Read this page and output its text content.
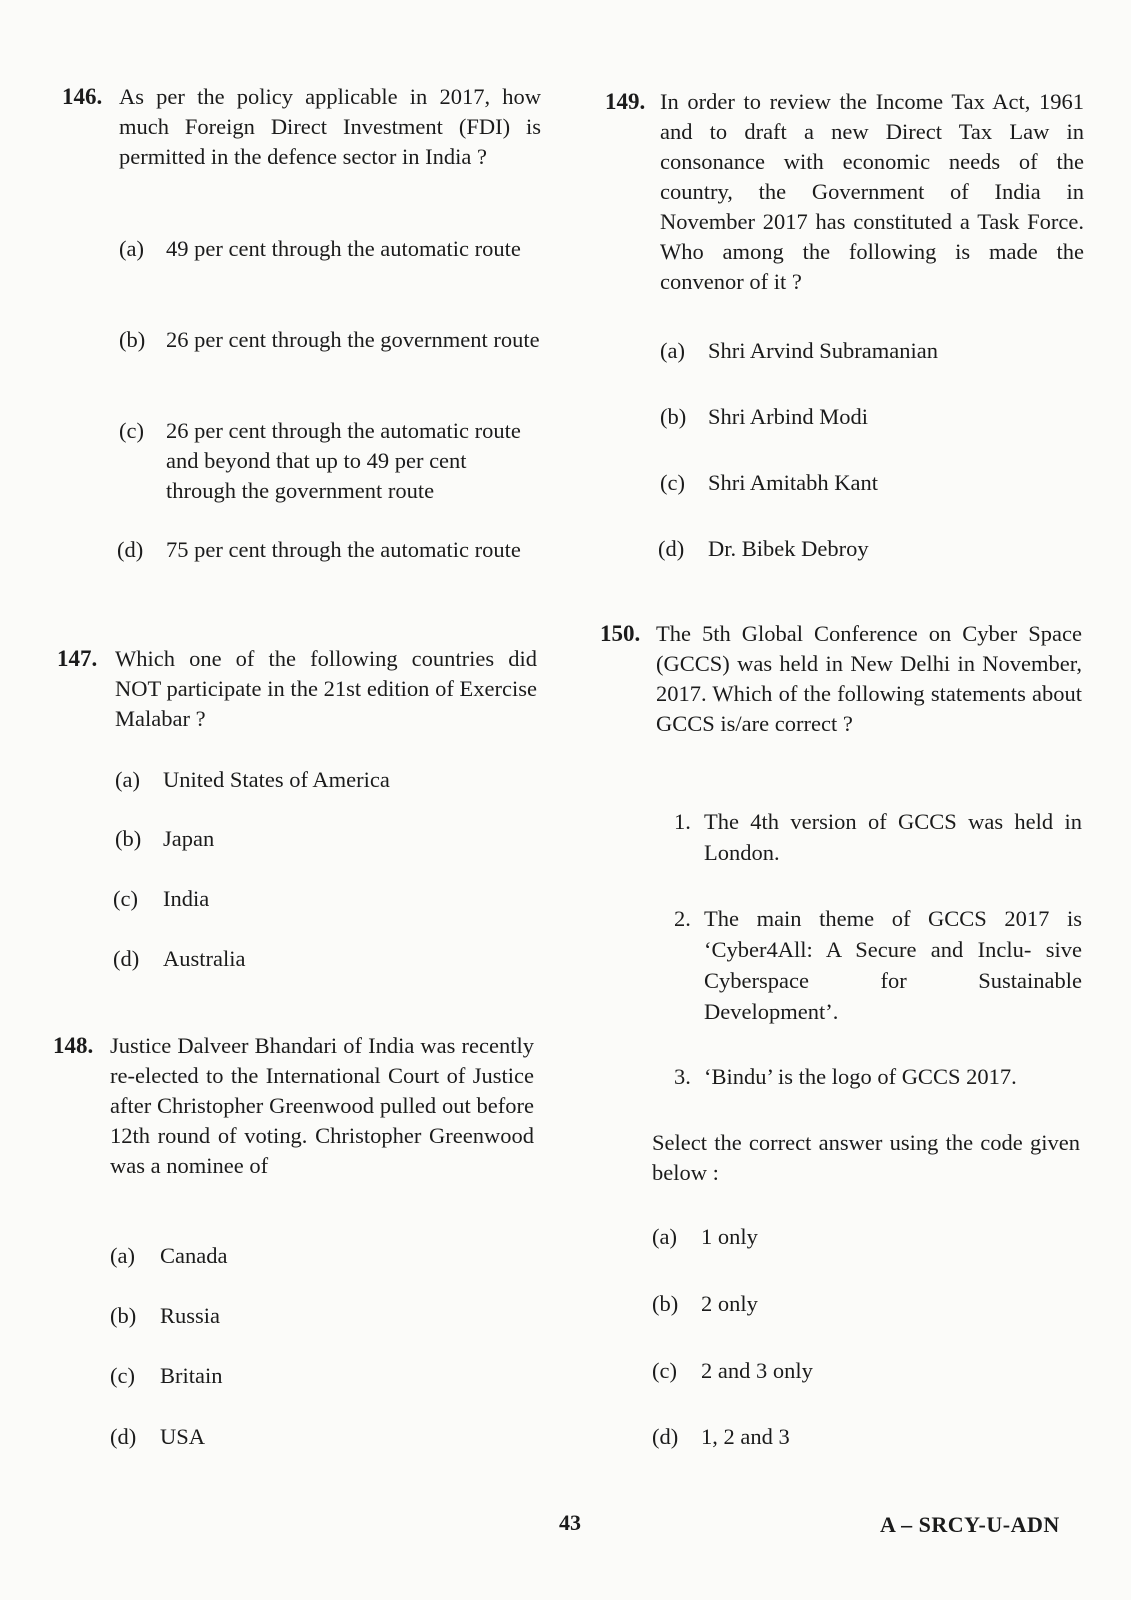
146. As per the policy applicable in 2017, how much Foreign Direct Investment (FDI) is permitted in the defence sector in India ?
(a) 49 per cent through the automatic route
(b) 26 per cent through the government route
(c) 26 per cent through the automatic route and beyond that up to 49 per cent through the government route
(d) 75 per cent through the automatic route
147. Which one of the following countries did NOT participate in the 21st edition of Exercise Malabar ?
(a) United States of America
(b) Japan
(c) India
(d) Australia
148. Justice Dalveer Bhandari of India was recently re-elected to the International Court of Justice after Christopher Greenwood pulled out before 12th round of voting. Christopher Greenwood was a nominee of
(a) Canada
(b) Russia
(c) Britain
(d) USA
149. In order to review the Income Tax Act, 1961 and to draft a new Direct Tax Law in consonance with economic needs of the country, the Government of India in November 2017 has constituted a Task Force. Who among the following is made the convenor of it ?
(a) Shri Arvind Subramanian
(b) Shri Arbind Modi
(c) Shri Amitabh Kant
(d) Dr. Bibek Debroy
150. The 5th Global Conference on Cyber Space (GCCS) was held in New Delhi in November, 2017. Which of the following statements about GCCS is/are correct ?
1. The 4th version of GCCS was held in London.
2. The main theme of GCCS 2017 is ‘Cyber4All: A Secure and Inclu- sive Cyberspace for Sustainable Development’.
3. ‘Bindu’ is the logo of GCCS 2017.
Select the correct answer using the code given below :
(a) 1 only
(b) 2 only
(c) 2 and 3 only
(d) 1, 2 and 3
43	A – SRCY-U-ADN
